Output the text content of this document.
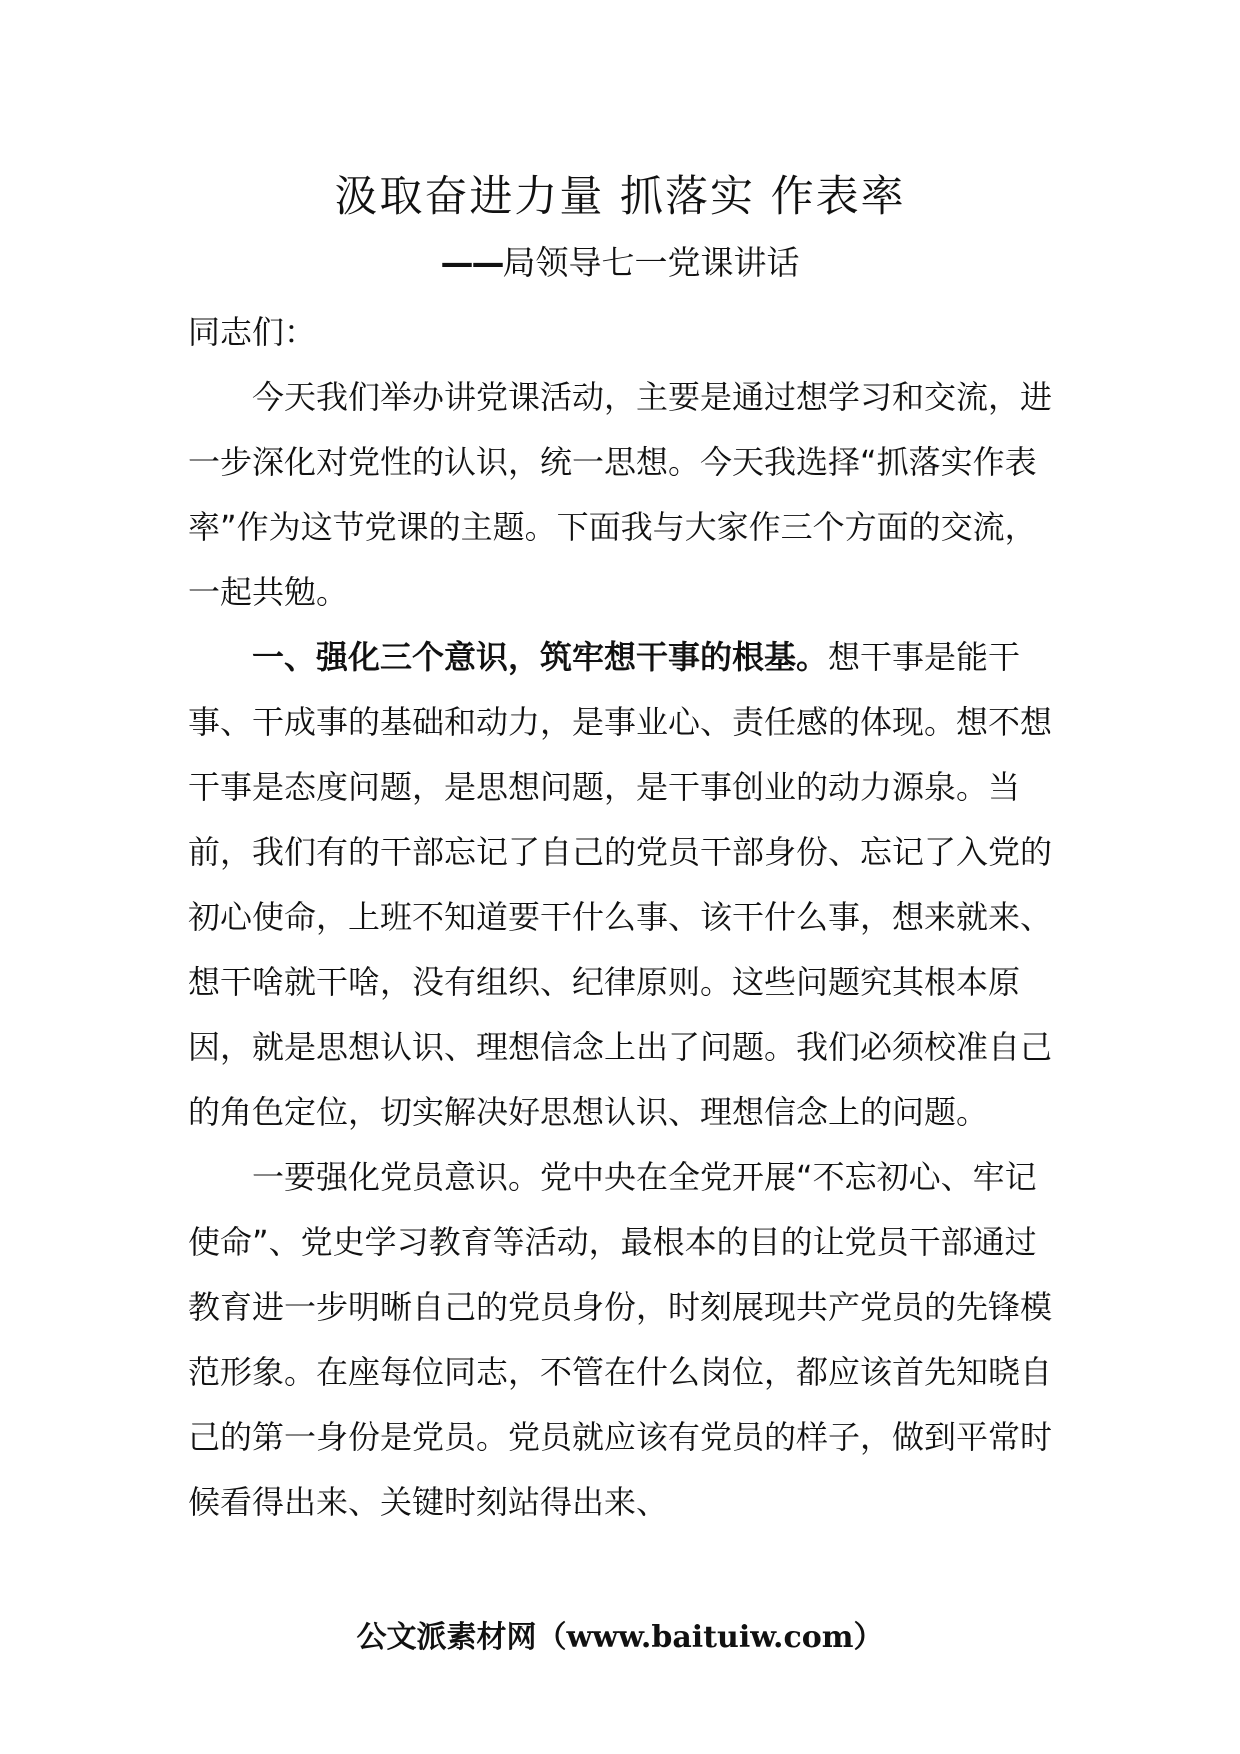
汲取奋进力量 抓落实 作表率
——局领导七一党课讲话

同志们：

今天我们举办讲党课活动，主要是通过想学习和交流，进一步深化对党性的认识，统一思想。今天我选择“抓落实作表率”作为这节党课的主题。下面我与大家作三个方面的交流，一起共勉。

一、强化三个意识，筑牢想干事的根基。想干事是能干事、干成事的基础和动力，是事业心、责任感的体现。想不想干事是态度问题，是思想问题，是干事创业的动力源泉。当前，我们有的干部忘记了自己的党员干部身份、忘记了入党的初心使命，上班不知道要干什么事、该干什么事，想来就来、想干啥就干啥，没有组织、纪律原则。这些问题究其根本原因，就是思想认识、理想信念上出了问题。我们必须校准自己的角色定位，切实解决好思想认识、理想信念上的问题。

一要强化党员意识。党中央在全党开展“不忘初心、牢记使命”、党史学习教育等活动，最根本的目的让党员干部通过教育进一步明晰自己的党员身份，时刻展现共产党员的先锋模范形象。在座每位同志，不管在什么岗位，都应该首先知晓自己的第一身份是党员。党员就应该有党员的样子，做到平常时候看得出来、关键时刻站得出来、

公文派素材网（www.baituiw.com）
